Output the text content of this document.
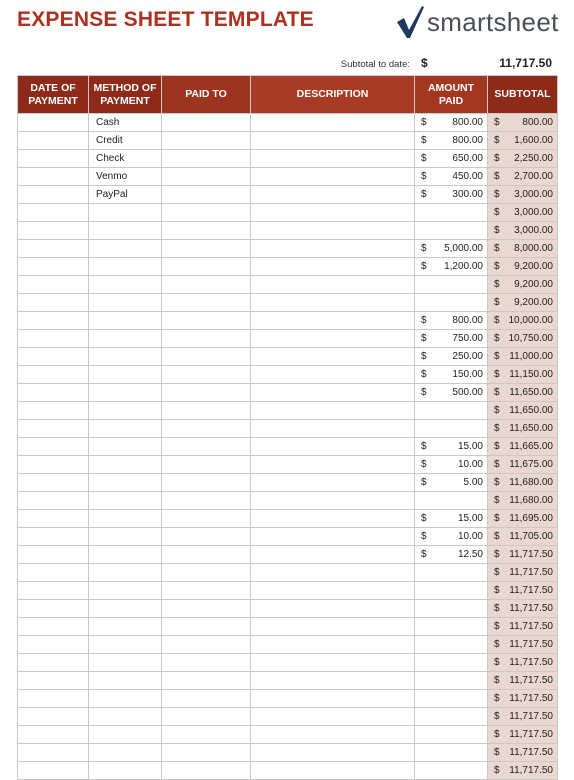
EXPENSE SHEET TEMPLATE	smartsheet
Subtotal to date: $	11,717.50
DATE OF PAYMENT	METHOD OF PAYMENT	PAID TO	DESCRIPTION	AMOUNT PAID	SUBTOTAL
	Cash			$ 800.00	$ 800.00

	Credit			$ 800.00	$ 1,600.00

	Check			$ 650.00	$ 2,250.00

	Venmo			$ 450.00	$ 2,700.00

	PayPal			$ 300.00	$ 3,000.00

					$ 3,000.00

					$ 3,000.00

				$ 5,000.00	$ 8,000.00

				$ 1,200.00	$ 9,200.00

					$ 9,200.00

					$ 9,200.00

				$ 800.00	$ 10,000.00

				$ 750.00	$ 10,750.00

				$ 250.00	$ 11,000.00

				$ 150.00	$ 11,150.00

				$ 500.00	$ 11,650.00

					$ 11,650.00

					$ 11,650.00

				$ 15.00	$ 11,665.00

				$ 10.00	$ 11,675.00

				$ 5.00	$ 11,680.00

					$ 11,680.00

				$ 15.00	$ 11,695.00

				$ 10.00	$ 11,705.00

				$ 12.50	$ 11,717.50

					$ 11,717.50

					$ 11,717.50

					$ 11,717.50

					$ 11,717.50

					$ 11,717.50

					$ 11,717.50

					$ 11,717.50

					$ 11,717.50

					$ 11,717.50

					$ 11,717.50

					$ 11,717.50

					$ 11,717.50
